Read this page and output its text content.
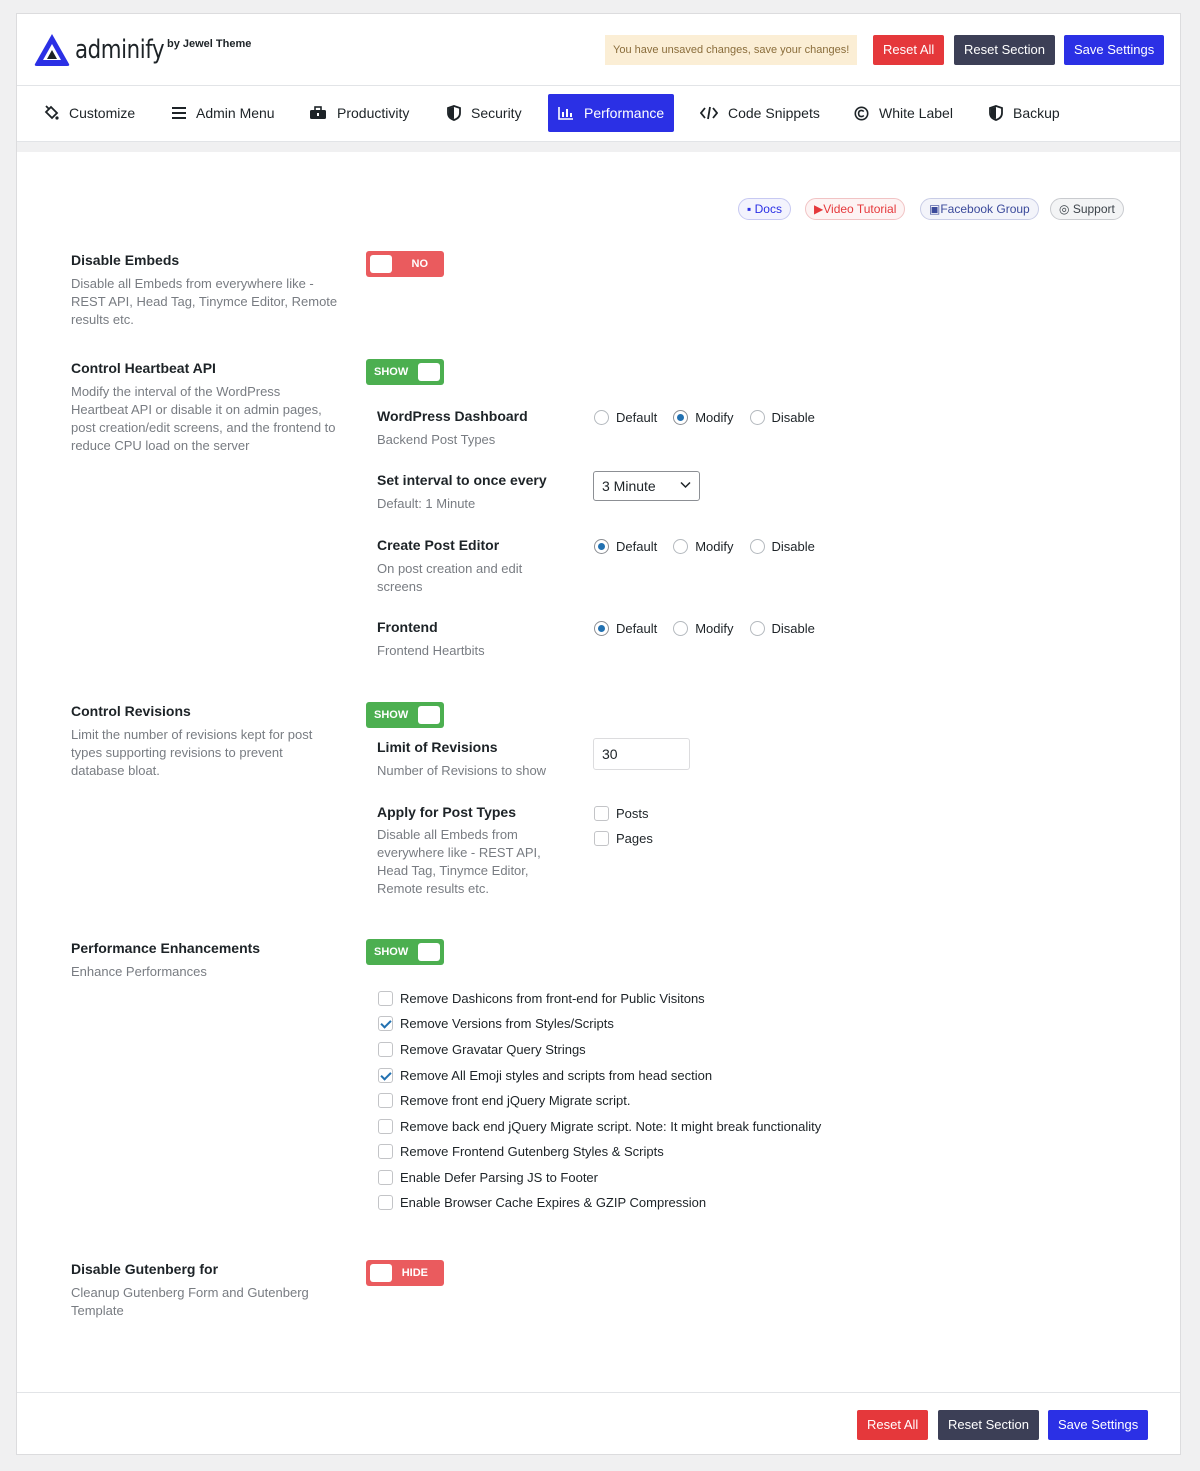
adminify by Jewel Theme	You have unsaved changes, save your changes!	Reset All	Reset Section	Save Settings
Customize	Admin Menu	Productivity	Security	Performance	Code Snippets	White Label	Backup
▪ Docs	▶Video Tutorial	▣Facebook Group	◎ Support
Disable Embeds
Disable all Embeds from everywhere like - REST API, Head Tag, Tinymce Editor, Remote results etc.
NO
Control Heartbeat API
Modify the interval of the WordPress Heartbeat API or disable it on admin pages, post creation/edit screens, and the frontend to reduce CPU load on the server
SHOW
WordPress Dashboard
Backend Post Types
Default	Modify	Disable
Set interval to once every
Default: 1 Minute
3 Minute
Create Post Editor
On post creation and edit screens
Default	Modify	Disable
Frontend
Frontend Heartbits
Default	Modify	Disable
Control Revisions
Limit the number of revisions kept for post types supporting revisions to prevent database bloat.
SHOW
Limit of Revisions
Number of Revisions to show
30
Apply for Post Types
Disable all Embeds from everywhere like - REST API, Head Tag, Tinymce Editor, Remote results etc.
Posts
Pages
Performance Enhancements
Enhance Performances
SHOW
Remove Dashicons from front-end for Public Visitons
Remove Versions from Styles/Scripts
Remove Gravatar Query Strings
Remove All Emoji styles and scripts from head section
Remove front end jQuery Migrate script.
Remove back end jQuery Migrate script. Note: It might break functionality
Remove Frontend Gutenberg Styles & Scripts
Enable Defer Parsing JS to Footer
Enable Browser Cache Expires & GZIP Compression
Disable Gutenberg for
Cleanup Gutenberg Form and Gutenberg Template
HIDE
Reset All	Reset Section	Save Settings
